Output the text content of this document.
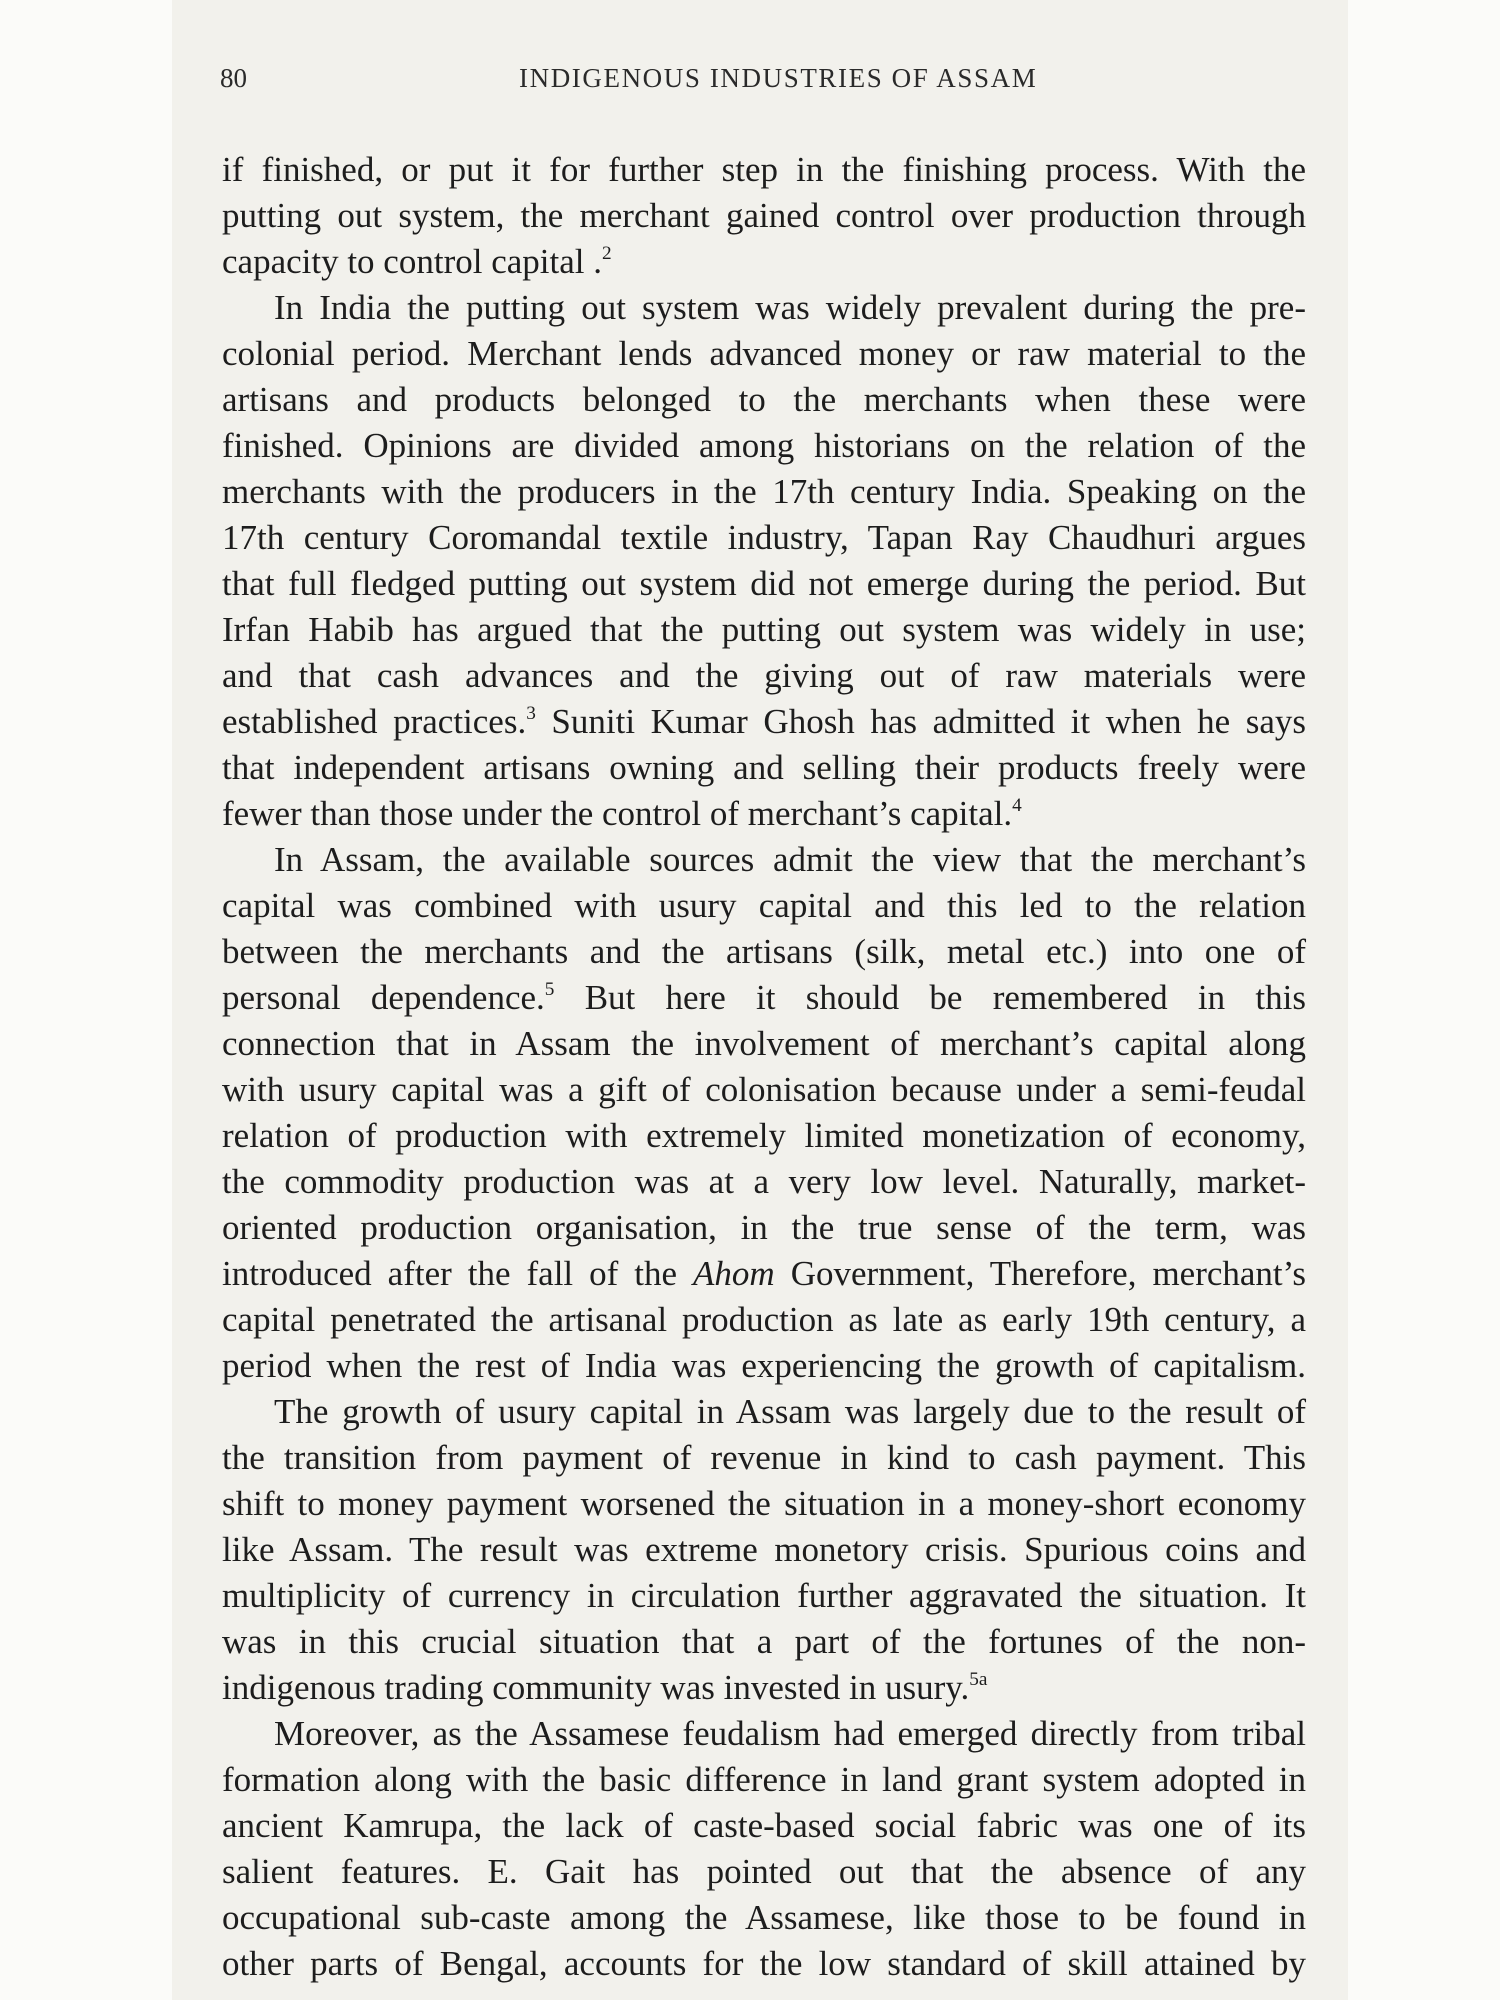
80	INDIGENOUS INDUSTRIES OF ASSAM
if finished, or put it for further step in the finishing process. With the
putting out system, the merchant gained control over production through
capacity to control capital .$^2$
In India the putting out system was widely prevalent during the pre-
colonial period. Merchant lends advanced money or raw material to the
artisans and products belonged to the merchants when these were
finished. Opinions are divided among historians on the relation of the
merchants with the producers in the 17th century India. Speaking on the
17th century Coromandal textile industry, Tapan Ray Chaudhuri argues
that full fledged putting out system did not emerge during the period. But
Irfan Habib has argued that the putting out system was widely in use;
and that cash advances and the giving out of raw materials were
established practices.$^3$ Suniti Kumar Ghosh has admitted it when he says
that independent artisans owning and selling their products freely were
fewer than those under the control of merchant’s capital.$^4$
In Assam, the available sources admit the view that the merchant’s
capital was combined with usury capital and this led to the relation
between the merchants and the artisans (silk, metal etc.) into one of
personal dependence.$^5$ But here it should be remembered in this
connection that in Assam the involvement of merchant’s capital along
with usury capital was a gift of colonisation because under a semi-feudal
relation of production with extremely limited monetization of economy,
the commodity production was at a very low level. Naturally, market-
oriented production organisation, in the true sense of the term, was
introduced after the fall of the Ahom Government, Therefore, merchant’s
capital penetrated the artisanal production as late as early 19th century, a
period when the rest of India was experiencing the growth of capitalism.
The growth of usury capital in Assam was largely due to the result of
the transition from payment of revenue in kind to cash payment. This
shift to money payment worsened the situation in a money-short economy
like Assam. The result was extreme monetory crisis. Spurious coins and
multiplicity of currency in circulation further aggravated the situation. It
was in this crucial situation that a part of the fortunes of the non-
indigenous trading community was invested in usury.$^{5a}$
Moreover, as the Assamese feudalism had emerged directly from tribal
formation along with the basic difference in land grant system adopted in
ancient Kamrupa, the lack of caste-based social fabric was one of its
salient features. E. Gait has pointed out that the absence of any
occupational sub-caste among the Assamese, like those to be found in
other parts of Bengal, accounts for the low standard of skill attained by
